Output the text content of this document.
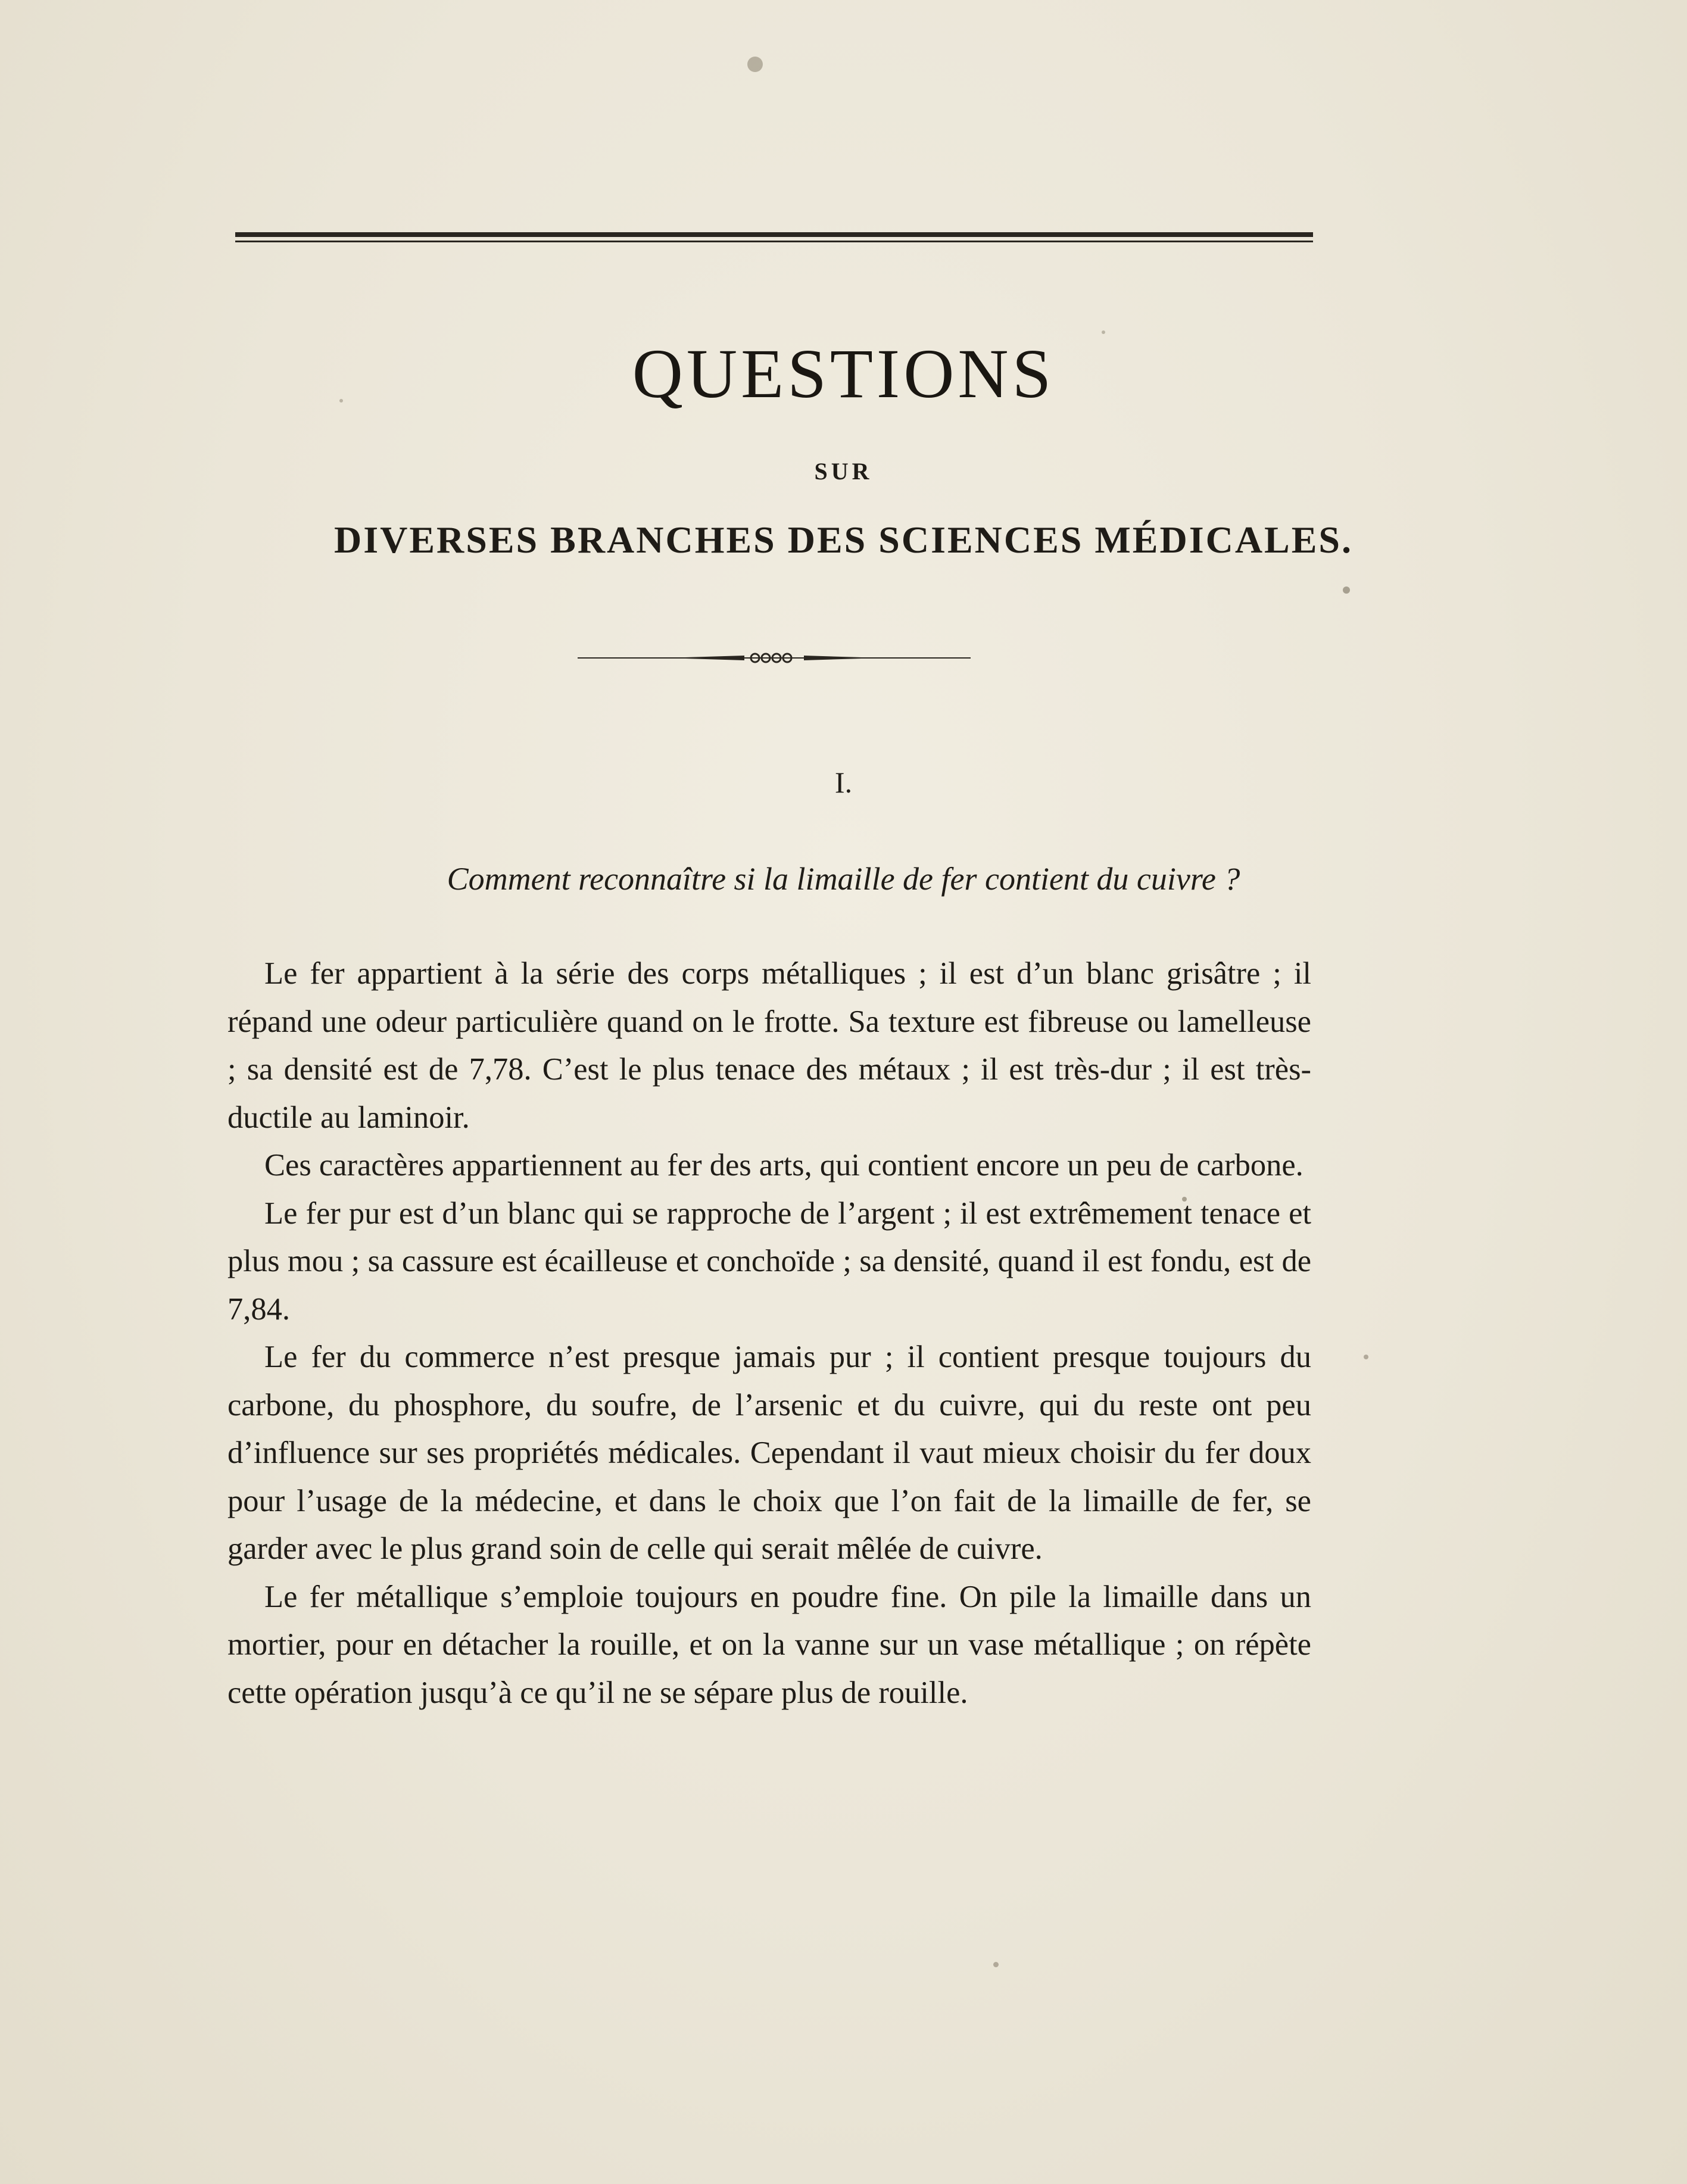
QUESTIONS
SUR
DIVERSES BRANCHES DES SCIENCES MÉDICALES.
I.
Comment reconnaître si la limaille de fer contient du cuivre ?

Le fer appartient à la série des corps métalliques ; il est d’un blanc grisâtre ; il répand une odeur particulière quand on le frotte. Sa texture est fibreuse ou lamelleuse ; sa densité est de 7,78. C’est le plus tenace des métaux ; il est très-dur ; il est très-ductile au laminoir.

Ces caractères appartiennent au fer des arts, qui contient encore un peu de carbone.

Le fer pur est d’un blanc qui se rapproche de l’argent ; il est extrêmement tenace et plus mou ; sa cassure est écailleuse et conchoïde ; sa densité, quand il est fondu, est de 7,84.

Le fer du commerce n’est presque jamais pur ; il contient presque toujours du carbone, du phosphore, du soufre, de l’arsenic et du cuivre, qui du reste ont peu d’influence sur ses propriétés médicales. Cependant il vaut mieux choisir du fer doux pour l’usage de la médecine, et dans le choix que l’on fait de la limaille de fer, se garder avec le plus grand soin de celle qui serait mêlée de cuivre.

Le fer métallique s’emploie toujours en poudre fine. On pile la limaille dans un mortier, pour en détacher la rouille, et on la vanne sur un vase métallique ; on répète cette opération jusqu’à ce qu’il ne se sépare plus de rouille.
